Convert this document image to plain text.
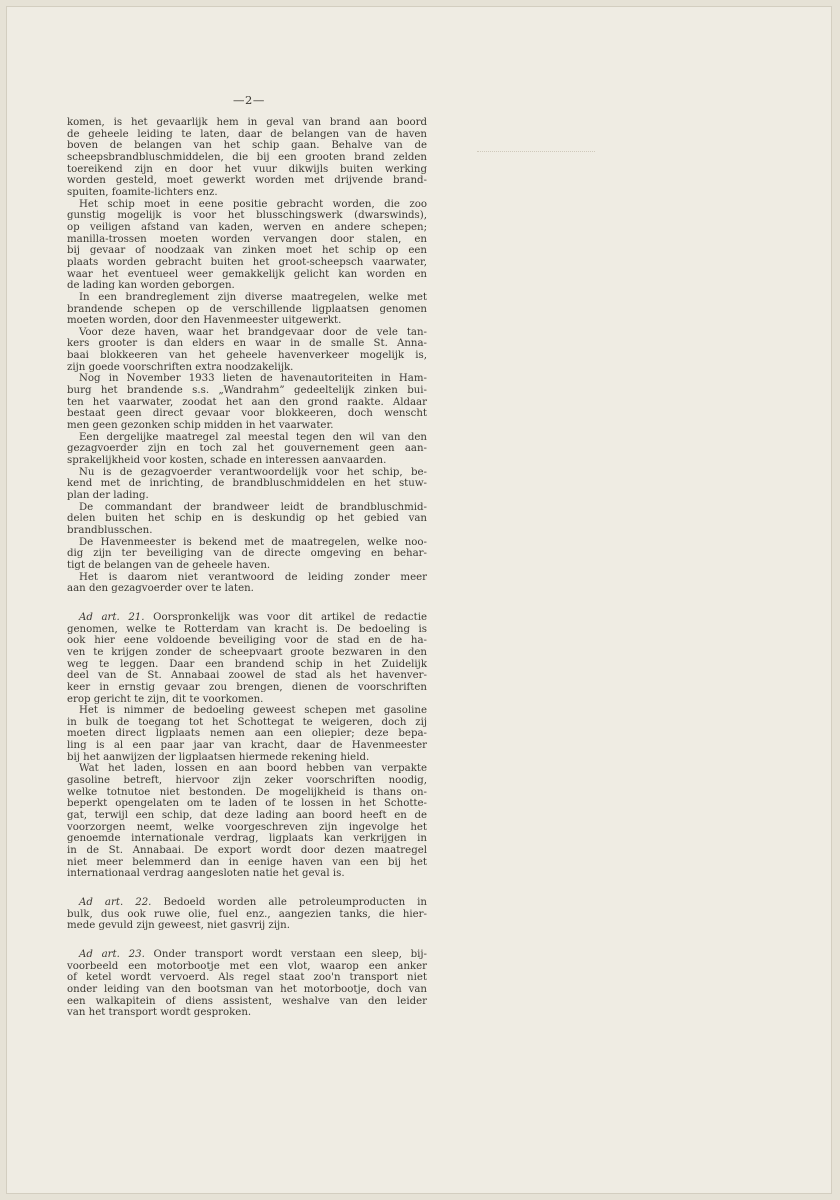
—2—

komen, is het gevaarlijk hem in geval van brand aan boord
de geheele leiding te laten, daar de belangen van de haven
boven de belangen van het schip gaan. Behalve van de
scheepsbrandbluschmiddelen, die bij een grooten brand zelden
toereikend zijn en door het vuur dikwijls buiten werking
worden gesteld, moet gewerkt worden met drijvende brand-
spuiten, foamite-lichters enz.

Het schip moet in eene positie gebracht worden, die zoo
gunstig mogelijk is voor het blusschingswerk (dwarswinds),
op veiligen afstand van kaden, werven en andere schepen;
manilla-trossen moeten worden vervangen door stalen, en
bij gevaar of noodzaak van zinken moet het schip op een
plaats worden gebracht buiten het groot-scheepsch vaarwater,
waar het eventueel weer gemakkelijk gelicht kan worden en
de lading kan worden geborgen.

In een brandreglement zijn diverse maatregelen, welke met
brandende schepen op de verschillende ligplaatsen genomen
moeten worden, door den Havenmeester uitgewerkt.

Voor deze haven, waar het brandgevaar door de vele tan-
kers grooter is dan elders en waar in de smalle St. Anna-
baai blokkeeren van het geheele havenverkeer mogelijk is,
zijn goede voorschriften extra noodzakelijk.

Nog in November 1933 lieten de havenautoriteiten in Ham-
burg het brandende s.s. „Wandrahm” gedeeltelijk zinken bui-
ten het vaarwater, zoodat het aan den grond raakte. Aldaar
bestaat geen direct gevaar voor blokkeeren, doch wenscht
men geen gezonken schip midden in het vaarwater.

Een dergelijke maatregel zal meestal tegen den wil van den
gezagvoerder zijn en toch zal het gouvernement geen aan-
sprakelijkheid voor kosten, schade en interessen aanvaarden.

Nu is de gezagvoerder verantwoordelijk voor het schip, be-
kend met de inrichting, de brandbluschmiddelen en het stuw-
plan der lading.

De commandant der brandweer leidt de brandbluschmid-
delen buiten het schip en is deskundig op het gebied van
brandblusschen.

De Havenmeester is bekend met de maatregelen, welke noo-
dig zijn ter beveiliging van de directe omgeving en behar-
tigt de belangen van de geheele haven.

Het is daarom niet verantwoord de leiding zonder meer
aan den gezagvoerder over te laten.

Ad art. 21. Oorspronkelijk was voor dit artikel de redactie
genomen, welke te Rotterdam van kracht is. De bedoeling is
ook hier eene voldoende beveiliging voor de stad en de ha-
ven te krijgen zonder de scheepvaart groote bezwaren in den
weg te leggen. Daar een brandend schip in het Zuidelijk
deel van de St. Annabaai zoowel de stad als het havenver-
keer in ernstig gevaar zou brengen, dienen de voorschriften
erop gericht te zijn, dit te voorkomen.

Het is nimmer de bedoeling geweest schepen met gasoline
in bulk de toegang tot het Schottegat te weigeren, doch zij
moeten direct ligplaats nemen aan een oliepier; deze bepa-
ling is al een paar jaar van kracht, daar de Havenmeester
bij het aanwijzen der ligplaatsen hiermede rekening hield.

Wat het laden, lossen en aan boord hebben van verpakte
gasoline betreft, hiervoor zijn zeker voorschriften noodig,
welke totnutoe niet bestonden. De mogelijkheid is thans on-
beperkt opengelaten om te laden of te lossen in het Schotte-
gat, terwijl een schip, dat deze lading aan boord heeft en de
voorzorgen neemt, welke voorgeschreven zijn ingevolge het
genoemde internationale verdrag, ligplaats kan verkrijgen in
in de St. Annabaai. De export wordt door dezen maatregel
niet meer belemmerd dan in eenige haven van een bij het
internationaal verdrag aangesloten natie het geval is.

Ad art. 22. Bedoeld worden alle petroleumproducten in
bulk, dus ook ruwe olie, fuel enz., aangezien tanks, die hier-
mede gevuld zijn geweest, niet gasvrij zijn.

Ad art. 23. Onder transport wordt verstaan een sleep, bij-
voorbeeld een motorbootje met een vlot, waarop een anker
of ketel wordt vervoerd. Als regel staat zoo'n transport niet
onder leiding van den bootsman van het motorbootje, doch van
een walkapitein of diens assistent, weshalve van den leider
van het transport wordt gesproken.
